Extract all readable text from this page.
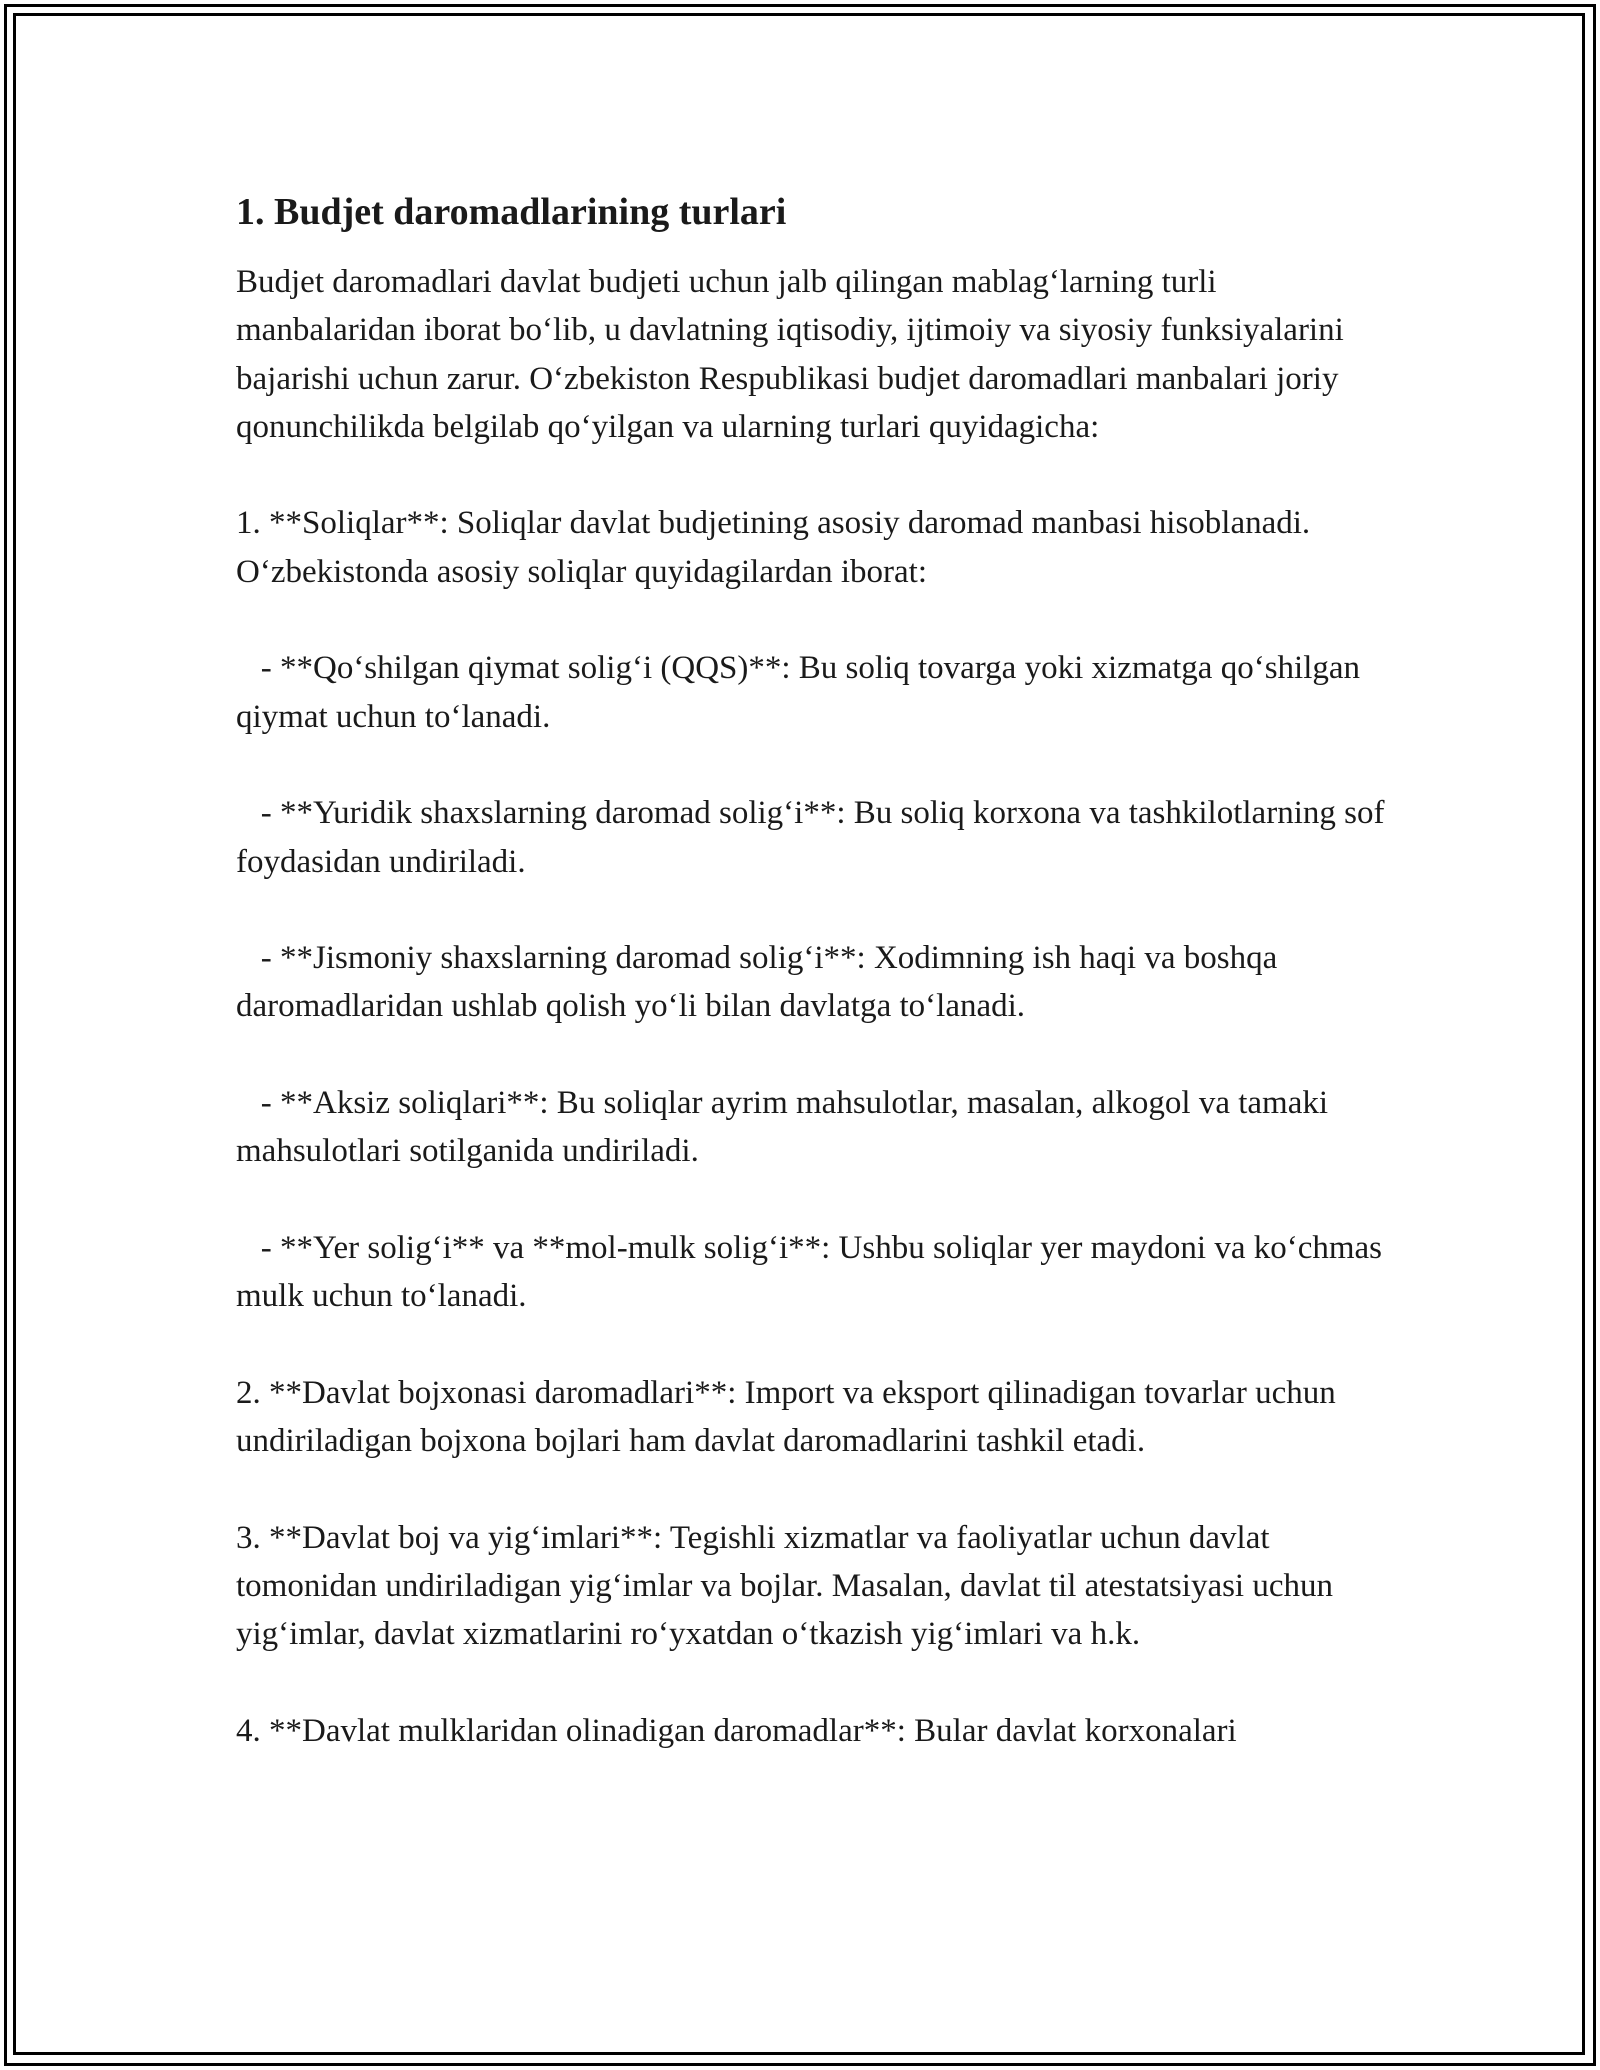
1. Budjet daromadlarining turlari

Budjet daromadlari davlat budjeti uchun jalb qilingan mablag‘larning turli manbalaridan iborat bo‘lib, u davlatning iqtisodiy, ijtimoiy va siyosiy funksiyalarini bajarishi uchun zarur. O‘zbekiston Respublikasi budjet daromadlari manbalari joriy qonunchilikda belgilab qo‘yilgan va ularning turlari quyidagicha:

1. **Soliqlar**: Soliqlar davlat budjetining asosiy daromad manbasi hisoblanadi. O‘zbekistonda asosiy soliqlar quyidagilardan iborat:

- **Qo‘shilgan qiymat solig‘i (QQS)**: Bu soliq tovarga yoki xizmatga qo‘shilgan qiymat uchun to‘lanadi.

- **Yuridik shaxslarning daromad solig‘i**: Bu soliq korxona va tashkilotlarning sof foydasidan undiriladi.

- **Jismoniy shaxslarning daromad solig‘i**: Xodimning ish haqi va boshqa daromadlaridan ushlab qolish yo‘li bilan davlatga to‘lanadi.

- **Aksiz soliqlari**: Bu soliqlar ayrim mahsulotlar, masalan, alkogol va tamaki mahsulotlari sotilganida undiriladi.

- **Yer solig‘i** va **mol-mulk solig‘i**: Ushbu soliqlar yer maydoni va ko‘chmas mulk uchun to‘lanadi.

2. **Davlat bojxonasi daromadlari**: Import va eksport qilinadigan tovarlar uchun undiriladigan bojxona bojlari ham davlat daromadlarini tashkil etadi.

3. **Davlat boj va yig‘imlari**: Tegishli xizmatlar va faoliyatlar uchun davlat tomonidan undiriladigan yig‘imlar va bojlar. Masalan, davlat til atestatsiyasi uchun yig‘imlar, davlat xizmatlarini ro‘yxatdan o‘tkazish yig‘imlari va h.k.

4. **Davlat mulklaridan olinadigan daromadlar**: Bular davlat korxonalari
